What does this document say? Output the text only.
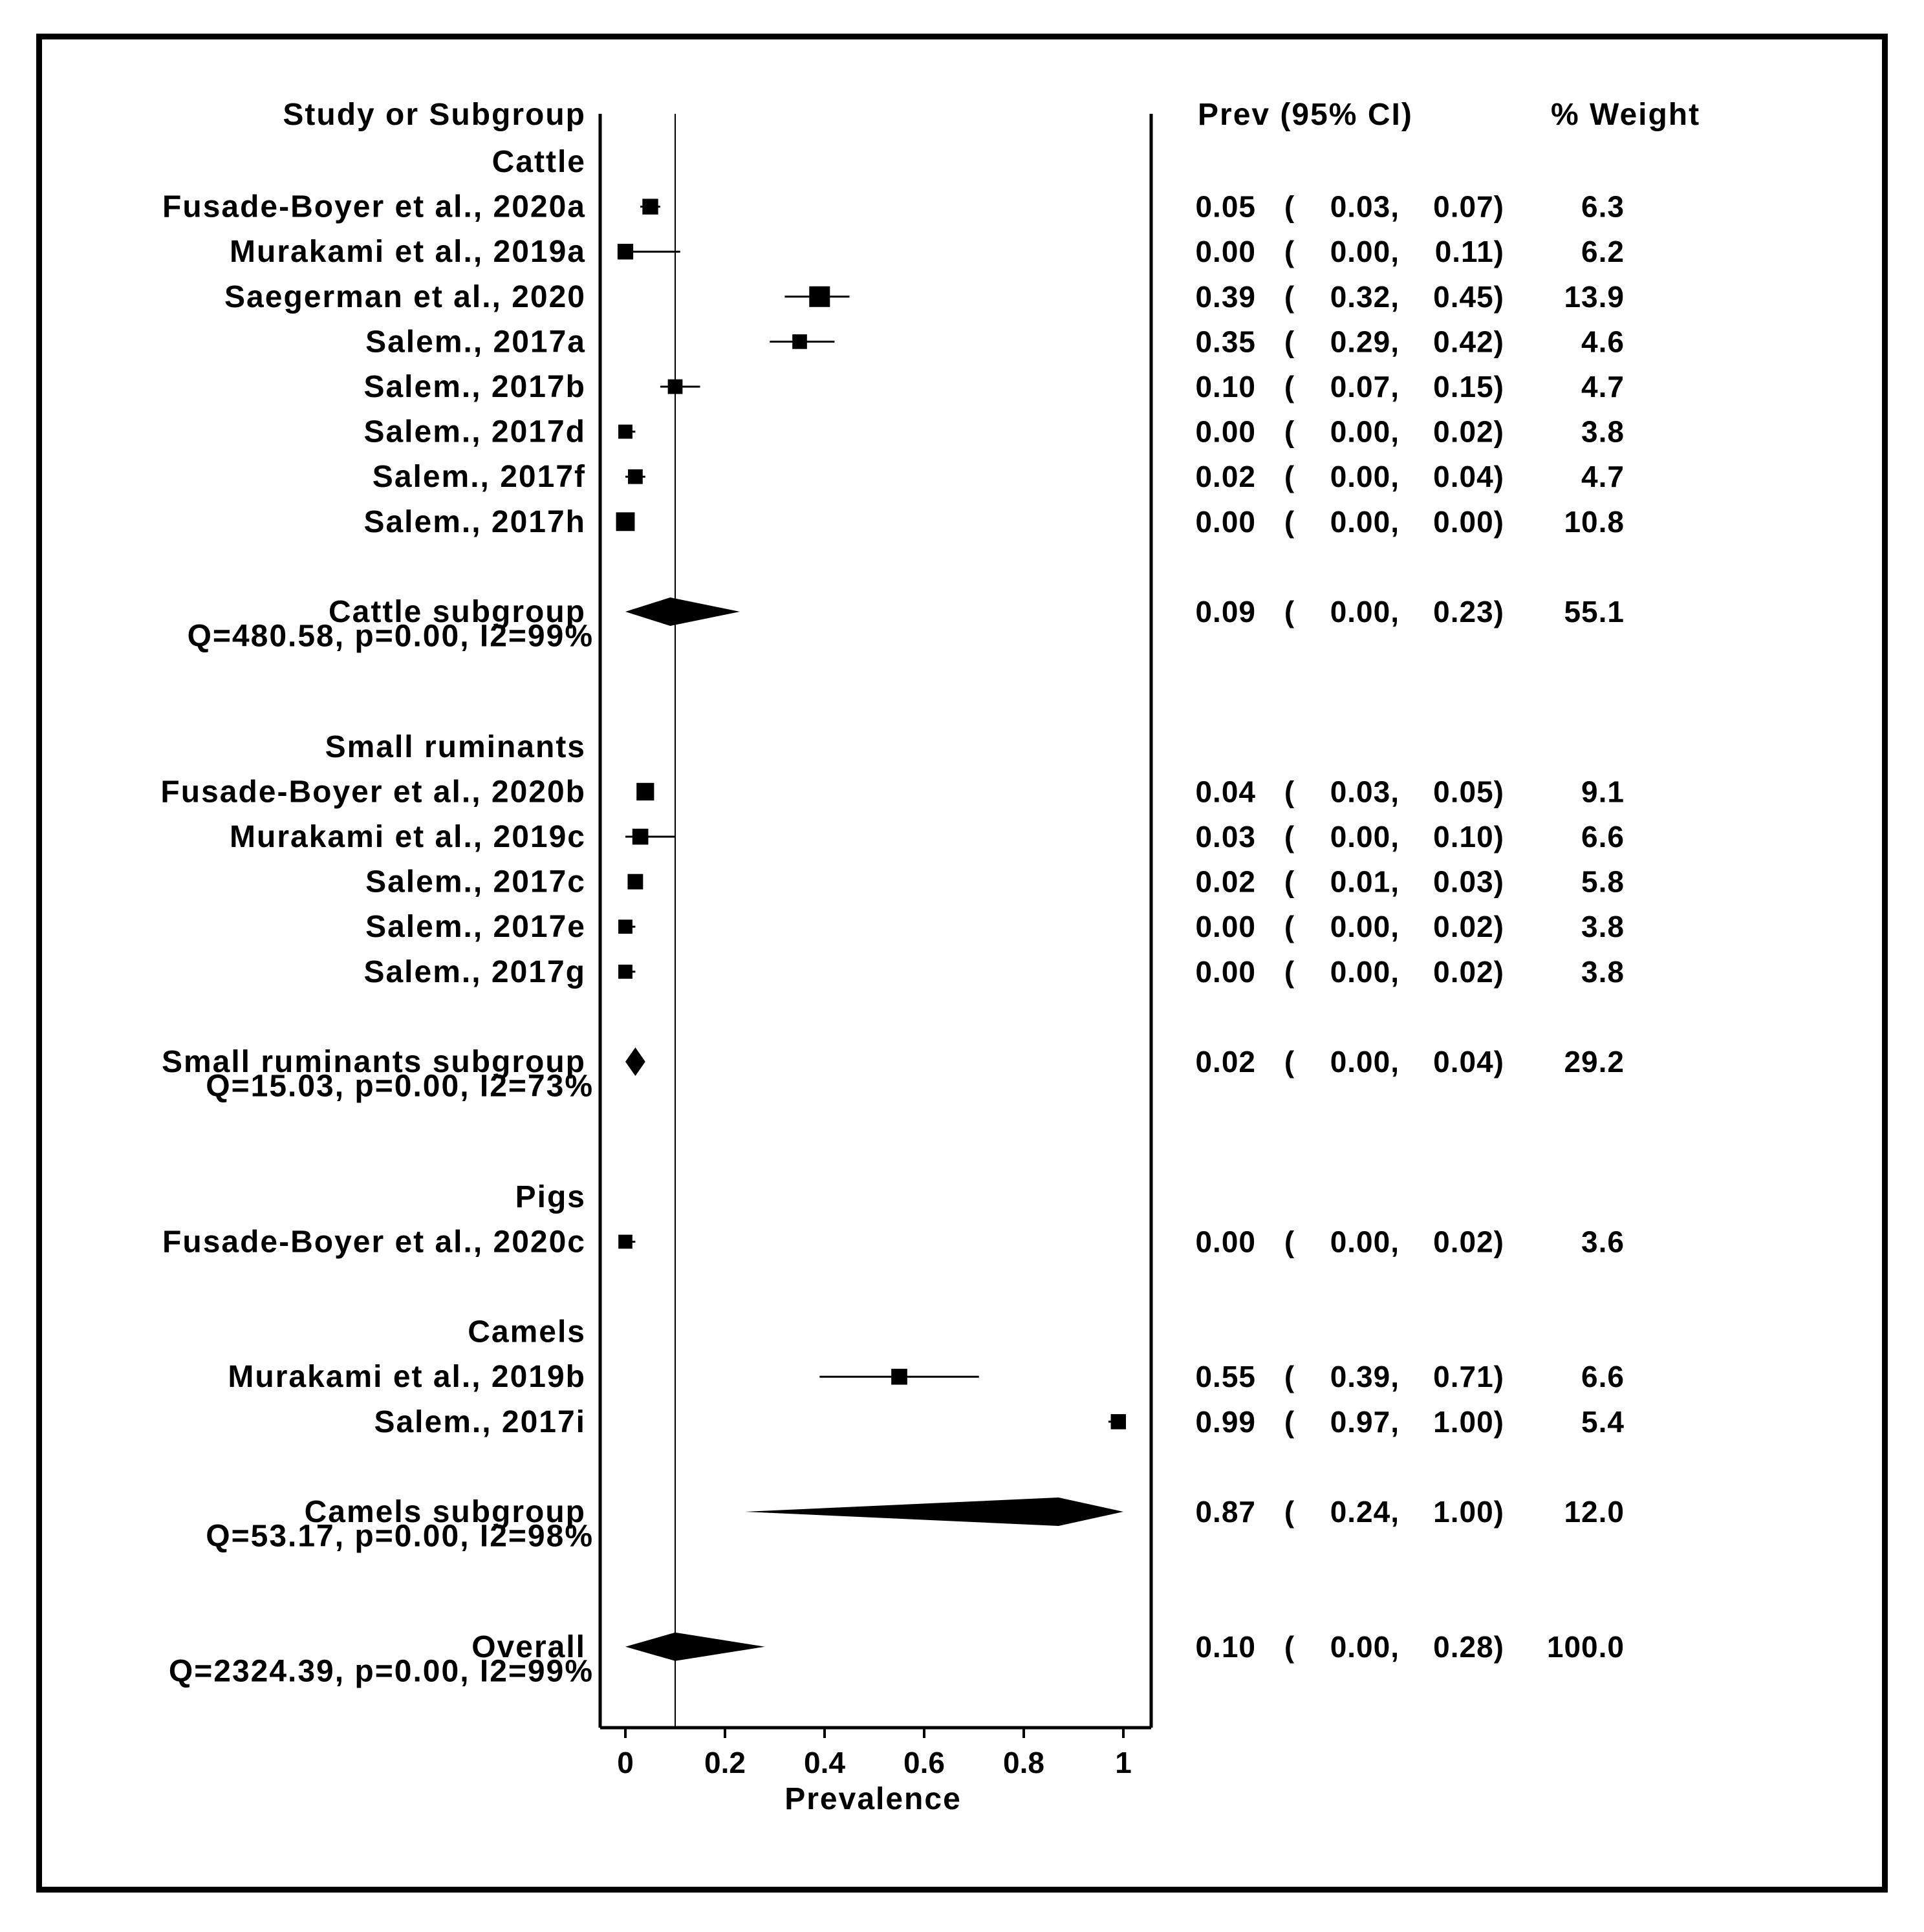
Study or Subgroup	Prev (95% CI)	% Weight
Cattle
Fusade-Boyer et al., 2020a	0.05 ( 0.03, 0.07)	6.3
Murakami et al., 2019a	0.00 ( 0.00, 0.11)	6.2
Saegerman et al., 2020	0.39 ( 0.32, 0.45) 13.9
Salem., 2017a	0.35 ( 0.29, 0.42)	4.6
Salem., 2017b	0.10 ( 0.07, 0.15)	4.7
Salem., 2017d	0.00 ( 0.00, 0.02)	3.8
Salem., 2017f	0.02 ( 0.00, 0.04)	4.7
Salem., 2017h	0.00 ( 0.00, 0.00) 10.8
Cattle subgroup	0.09 ( 0.00, 0.23) 55.1
Q=480.58, p=0.00, I2=99%
Small ruminants
Fusade-Boyer et al., 2020b	0.04 ( 0.03, 0.05)	9.1
Murakami et al., 2019c	0.03 ( 0.00, 0.10)	6.6
Salem., 2017c	0.02 ( 0.01, 0.03)	5.8
Salem., 2017e	0.00 ( 0.00, 0.02)	3.8
Salem., 2017g	0.00 ( 0.00, 0.02)	3.8
Small ruminants subgroup	0.02 ( 0.00, 0.04) 29.2
Q=15.03, p=0.00, I2=73%
Pigs
Fusade-Boyer et al., 2020c	0.00 ( 0.00, 0.02)	3.6
Camels
Murakami et al., 2019b	0.55 ( 0.39, 0.71)	6.6
Salem., 2017i	0.99 ( 0.97, 1.00)	5.4
Camels subgroup	0.87 ( 0.24, 1.00) 12.0
Q=53.17, p=0.00, I2=98%
Overall	0.10 ( 0.00, 0.28) 100.0
Q=2324.39, p=0.00, I2=99%
0 0.2 0.4 0.6 0.8 1
Prevalence
